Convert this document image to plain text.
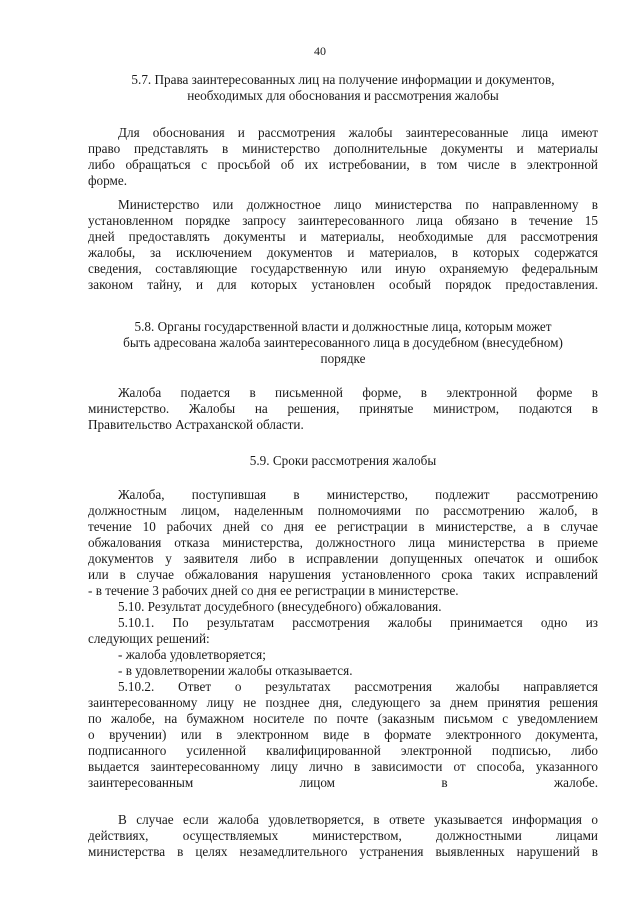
40

5.7. Права заинтересованных лиц на получение информации и документов,

необходимых для обоснования и рассмотрения жалобы

Для обоснования и рассмотрения жалобы заинтересованные лица имеют

право представлять в министерство дополнительные документы и материалы

либо обращаться с просьбой об их истребовании, в том числе в электронной

форме.

Министерство или должностное лицо министерства по направленному в

установленном порядке запросу заинтересованного лица обязано в течение 15

дней предоставлять документы и материалы, необходимые для рассмотрения

жалобы, за исключением документов и материалов, в которых содержатся

сведения, составляющие государственную или иную охраняемую федеральным

законом тайну, и для которых установлен особый порядок предоставления.

5.8. Органы государственной власти и должностные лица, которым может

быть адресована жалоба заинтересованного лица в досудебном (внесудебном)

порядке

Жалоба подается в письменной форме, в электронной форме в

министерство. Жалобы на решения, принятые министром, подаются в

Правительство Астраханской области.

5.9. Сроки рассмотрения жалобы

Жалоба, поступившая в министерство, подлежит рассмотрению

должностным лицом, наделенным полномочиями по рассмотрению жалоб, в

течение 10 рабочих дней со дня ее регистрации в министерстве, а в случае

обжалования отказа министерства, должностного лица министерства в приеме

документов у заявителя либо в исправлении допущенных опечаток и ошибок

или в случае обжалования нарушения установленного срока таких исправлений

- в течение 3 рабочих дней со дня ее регистрации в министерстве.

5.10. Результат досудебного (внесудебного) обжалования.

5.10.1. По результатам рассмотрения жалобы принимается одно из

следующих решений:

- жалоба удовлетворяется;

- в удовлетворении жалобы отказывается.

5.10.2. Ответ о результатах рассмотрения жалобы направляется

заинтересованному лицу не позднее дня, следующего за днем принятия решения

по жалобе, на бумажном носителе по почте (заказным письмом с уведомлением

о вручении) или в электронном виде в формате электронного документа,

подписанного усиленной квалифицированной электронной подписью, либо

выдается заинтересованному лицу лично в зависимости от способа, указанного

заинтересованным лицом в жалобе.

В случае если жалоба удовлетворяется, в ответе указывается информация о

действиях, осуществляемых министерством, должностными лицами

министерства в целях незамедлительного устранения выявленных нарушений в
